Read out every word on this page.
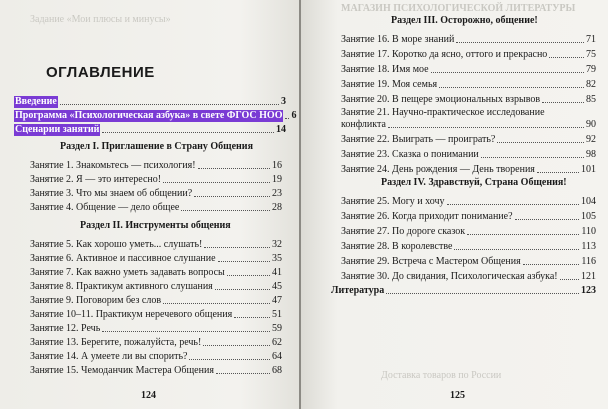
Задание «Мои плюсы и минусы»
ОГЛАВЛЕНИЕ
Введение	3
Программа «Психологическая азбука» в свете ФГОС НОО 6
Сценарии занятий	14
Раздел I. Приглашение в Страну Общения
Занятие 1. Знакомьтесь — психология!	16
Занятие 2. Я — это интересно!	19
Занятие 3. Что мы знаем об общении?	23
Занятие 4. Общение — дело общее	28
Раздел II. Инструменты общения
Занятие 5. Как хорошо уметь... слушать!	32
Занятие 6. Активное и пассивное слушание	35
Занятие 7. Как важно уметь задавать вопросы	41
Занятие 8. Практикум активного слушания	45
Занятие 9. Поговорим без слов	47
Занятие 10–11. Практикум неречевого общения	51
Занятие 12. Речь	59
Занятие 13. Берегите, пожалуйста, речь!	62
Занятие 14. А умеете ли вы спорить?	64
Занятие 15. Чемоданчик Мастера Общения	68
124
МАГАЗИН ПСИХОЛОГИЧЕСКОЙ ЛИТЕРАТУРЫ
Раздел III. Осторожно, общение!
Занятие 16. В море знаний	71
Занятие 17. Коротко да ясно, оттого и прекрасно	75
Занятие 18. Имя мое	79
Занятие 19. Моя семья	82
Занятие 20. В пещере эмоциональных взрывов	85
Занятие 21. Научно-практическое исследование
конфликта	90
Занятие 22. Выиграть — проиграть?	92
Занятие 23. Сказка о понимании	98
Занятие 24. День рождения — День творения	101
Раздел IV. Здравствуй, Страна Общения!
Занятие 25. Могу и хочу	104
Занятие 26. Когда приходит понимание?	105
Занятие 27. По дороге сказок	110
Занятие 28. В королевстве	113
Занятие 29. Встреча с Мастером Общения	116
Занятие 30. До свидания, Психологическая азбука! 121
Литература	123
Доставка товаров по России
125
